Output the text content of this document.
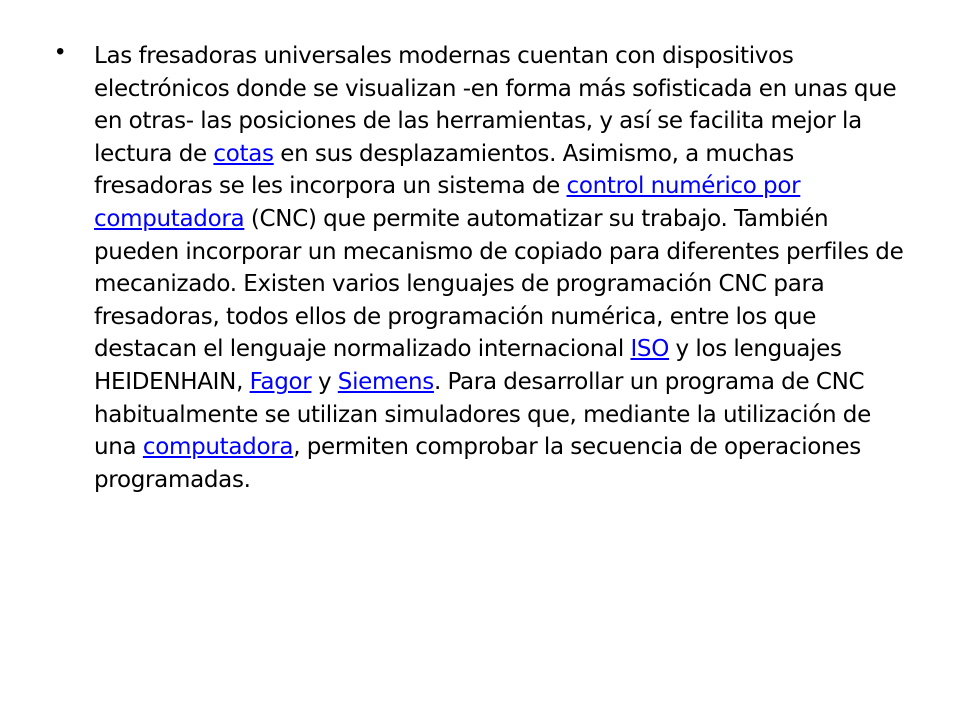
• Las fresadoras universales modernas cuentan con dispositivos electrónicos donde se visualizan -en forma más sofisticada en unas que en otras- las posiciones de las herramientas, y así se facilita mejor la lectura de cotas en sus desplazamientos. Asimismo, a muchas fresadoras se les incorpora un sistema de control numérico por computadora (CNC) que permite automatizar su trabajo. También pueden incorporar un mecanismo de copiado para diferentes perfiles de mecanizado. Existen varios lenguajes de programación CNC para fresadoras, todos ellos de programación numérica, entre los que destacan el lenguaje normalizado internacional ISO y los lenguajes HEIDENHAIN, Fagor y Siemens. Para desarrollar un programa de CNC habitualmente se utilizan simuladores que, mediante la utilización de una computadora, permiten comprobar la secuencia de operaciones programadas.
